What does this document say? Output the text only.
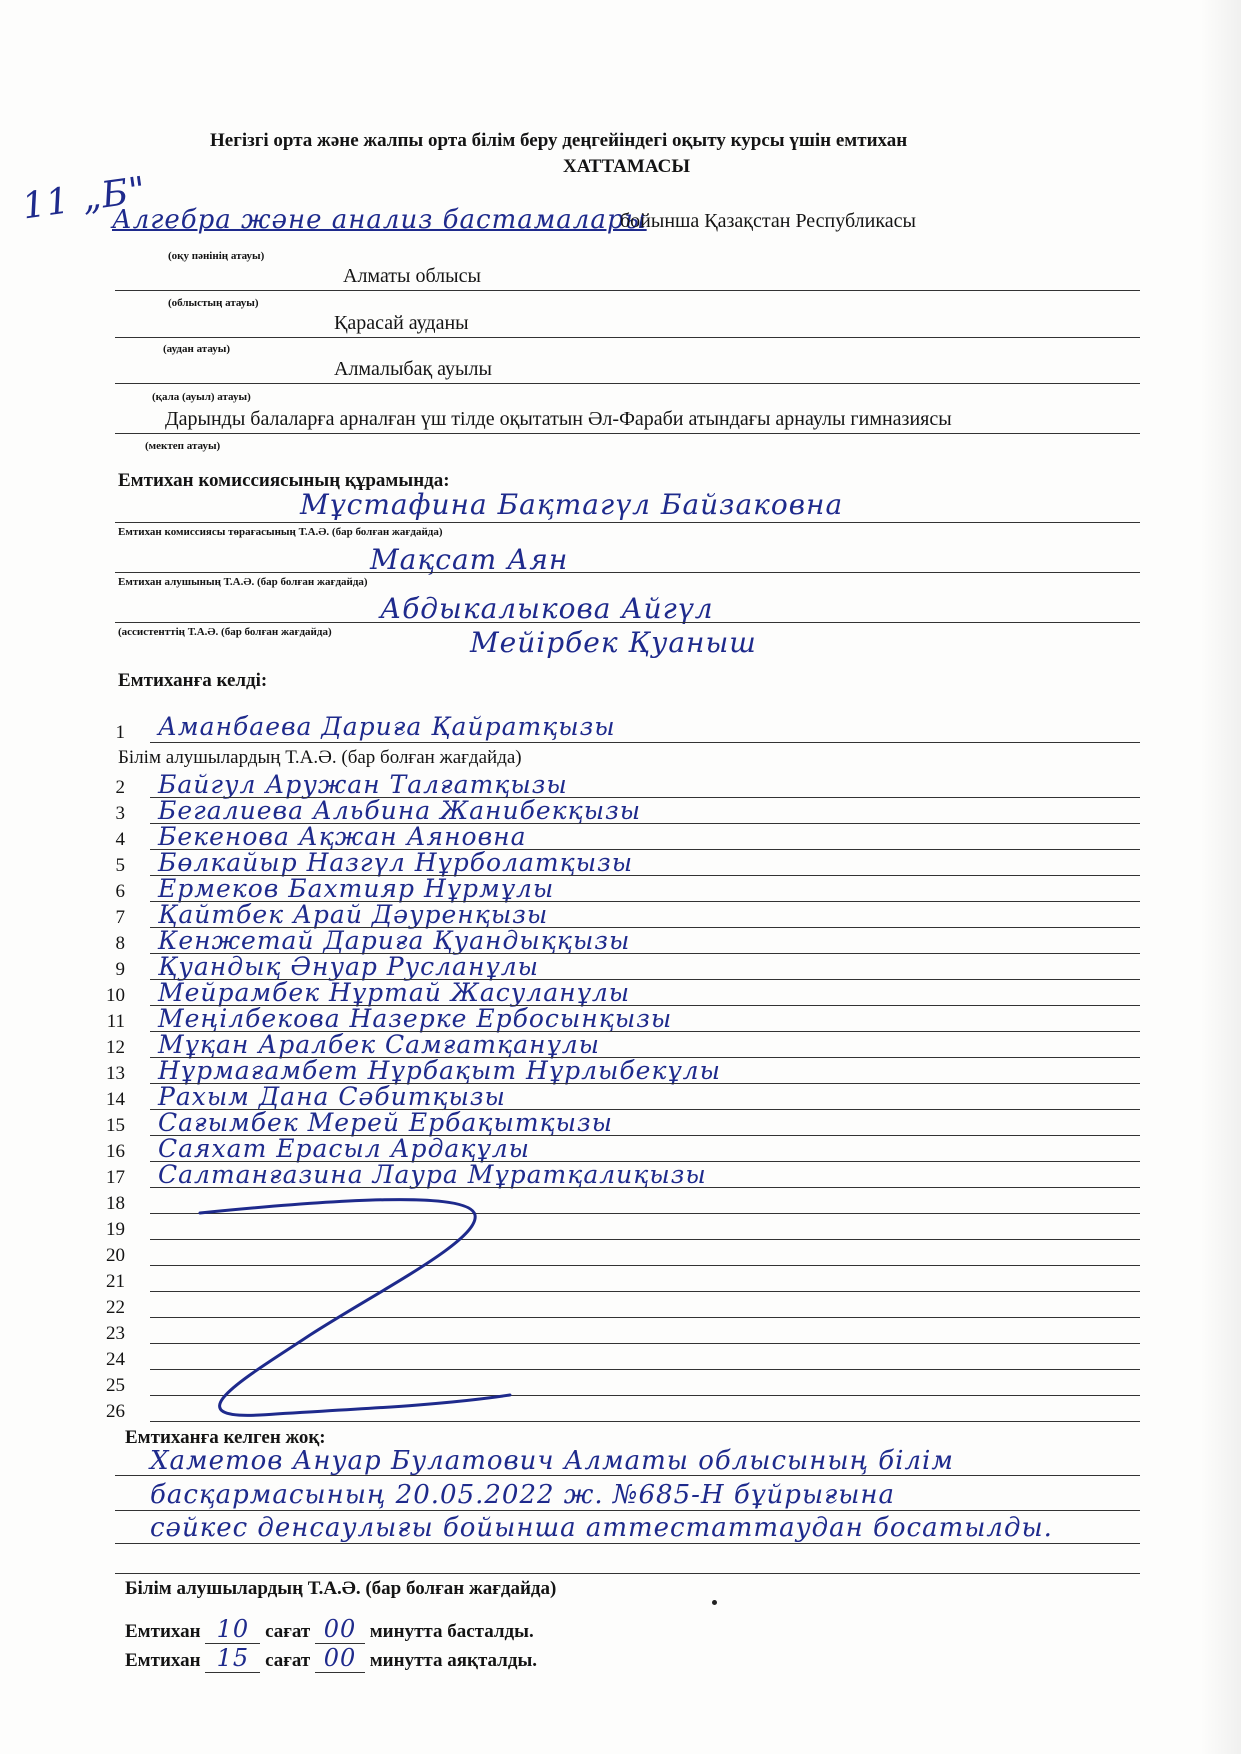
Негізгі орта және жалпы орта білім беру деңгейіндегі оқыту курсы үшін емтихан
ХАТТАМАСЫ
11 „Б"
Алгебра және анализ бастамалары
бойынша Қазақстан Республикасы
(оқу пәнінің атауы)
Алматы облысы
(облыстың атауы)
Қарасай ауданы
(аудан атауы)
Алмалыбақ ауылы
(қала (ауыл) атауы)
Дарынды балаларға арналған үш тілде оқытатын Әл-Фараби атындағы арнаулы гимназиясы
(мектеп атауы)
Емтихан комиссиясының құрамында:
Мұстафина Бақтагүл Байзаковна
Емтихан комиссиясы төрағасының Т.А.Ә. (бар болған жағдайда)
Мақсат Аян
Емтихан алушының Т.А.Ә. (бар болған жағдайда)
Абдыкалыкова Айгүл
(ассистенттің Т.А.Ә. (бар болған жағдайда)	Мейірбек Қуаныш
Емтиханға келді:
1 Аманбаева Дариға Қайратқызы
Білім алушылардың Т.А.Ә. (бар болған жағдайда)
2 Байгул Аружан Талғатқызы
3 Бегалиева Альбина Жанибекқызы
4 Бекенова Ақжан Аяновна
5 Бөлкайыр Назгүл Нұрболатқызы
6 Ермеков Бахтияр Нұрмұлы
7 Қайтбек Арай Дәуренқызы
8 Кенжетай Дариға Қуандыққызы
9 Қуандық Әнуар Русланұлы
10 Мейрамбек Нұртай Жасуланұлы
11 Меңілбекова Назерке Ербосынқызы
12 Мұқан Аралбек Самғатқанұлы
13 Нұрмағамбет Нұрбақыт Нұрлыбекұлы
14 Рахым Дана Сәбитқызы
15 Сағымбек Мерей Ербақытқызы
16 Саяхат Ерасыл Ардақұлы
17 Салтанғазина Лаура Мұратқалиқызы
18
19
20
21
22
23
24
25
26
Емтиханға келген жоқ:
Хаметов Ануар Булатович Алматы облысының білім
басқармасының 20.05.2022 ж. №685-Н бұйрығына
сәйкес денсаулығы бойынша аттестаттаудан босатылды.
Білім алушылардың Т.А.Ә. (бар болған жағдайда)
Емтихан 10 сағат 00 минутта басталды.
Емтихан 15 сағат 00 минутта аяқталды.
